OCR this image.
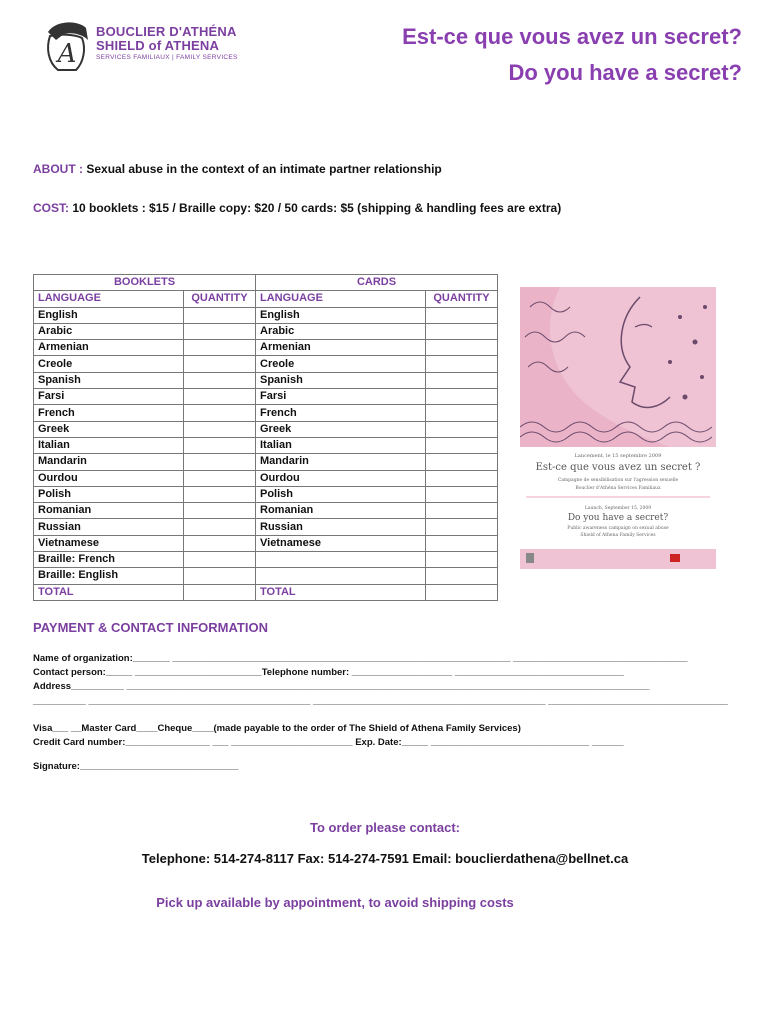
A
BOUCLIER D'ATHÉNA
SHIELD of ATHENA
SERVICES FAMILIAUX | FAMILY SERVICES
Est-ce que vous avez un secret?
Do you have a secret?
ABOUT : Sexual abuse in the context of an intimate partner relationship
COST: 10 booklets : $15 / Braille copy: $20 / 50 cards: $5 (shipping & handling fees are extra)
BOOKLETS		CARDS	
LANGUAGE	QUANTITY	LANGUAGE	QUANTITY
English		English	
Arabic		Arabic	
Armenian		Armenian	
Creole		Creole	
Spanish		Spanish	
Farsi		Farsi	
French		French	
Greek		Greek	
Italian		Italian	
Mandarin		Mandarin	
Ourdou		Ourdou	
Polish		Polish	
Romanian		Romanian	
Russian		Russian	
Vietnamese		Vietnamese	
Braille: French			
Braille: English			
TOTAL		TOTAL	
Lancement, le 15 septembre 2009
Est-ce que vous avez un secret ?
Campagne de sensibilisation sur l'agression sexuelle
Bouclier d'Athéna Services Familiaux
Launch, September 15, 2009
Do you have a secret?
Public awareness campaign on sexual abuse
Shield of Athena Family Services
PAYMENT & CONTACT INFORMATION
Name of organization:_______ ________________________________________________________________ _________________________________
Contact person:_____ ________________________Telephone number: ___________________ ________________________________
Address__________ ___________________________________________________________________________________________________
__________ __________________________________________ ____________________________________________ __________________________________
Visa___ __Master Card____Cheque____(made payable to the order of The Shield of Athena Family Services)
Credit Card number:________________ ___ _______________________ Exp. Date:_____ ______________________________ ______
Signature:______________________________
To order please contact:
Telephone: 514-274-8117 Fax: 514-274-7591 Email: bouclierdathena@bellnet.ca
Pick up available by appointment, to avoid shipping costs
